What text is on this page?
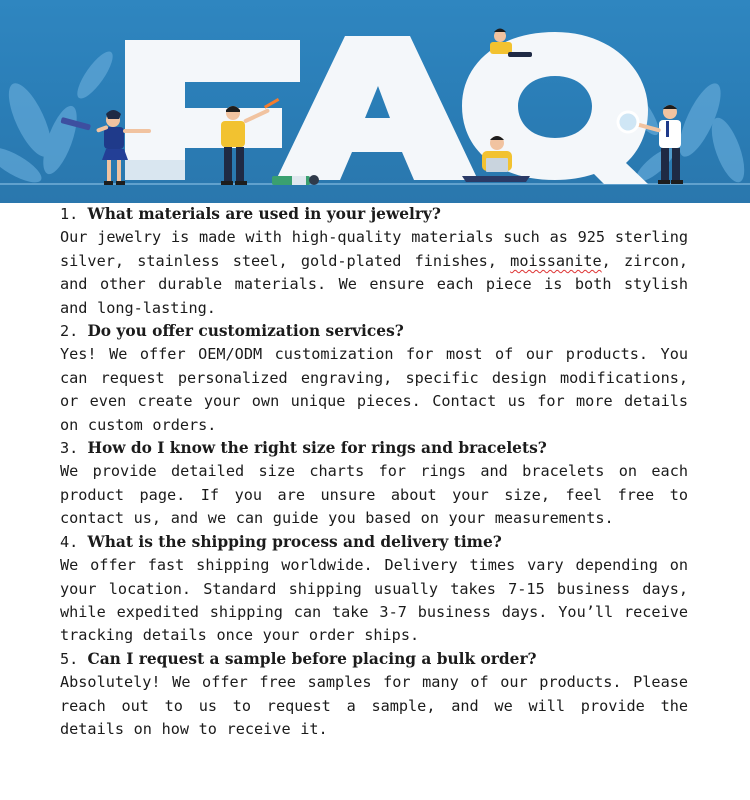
1. What materials are used in your jewelry?

Our jewelry is made with high-quality materials such as 925 sterling silver, stainless steel, gold-plated finishes, moissanite, zircon, and other durable materials. We ensure each piece is both stylish and long-lasting.

2. Do you offer customization services?

Yes! We offer OEM/ODM customization for most of our products. You can request personalized engraving, specific design modifications, or even create your own unique pieces. Contact us for more details on custom orders.

3. How do I know the right size for rings and bracelets?

We provide detailed size charts for rings and bracelets on each product page. If you are unsure about your size, feel free to contact us, and we can guide you based on your measurements.

4. What is the shipping process and delivery time?

We offer fast shipping worldwide. Delivery times vary depending on your location. Standard shipping usually takes 7-15 business days, while expedited shipping can take 3-7 business days. You’ll receive tracking details once your order ships.

5. Can I request a sample before placing a bulk order?

Absolutely! We offer free samples for many of our products. Please reach out to us to request a sample, and we will provide the details on how to receive it.
